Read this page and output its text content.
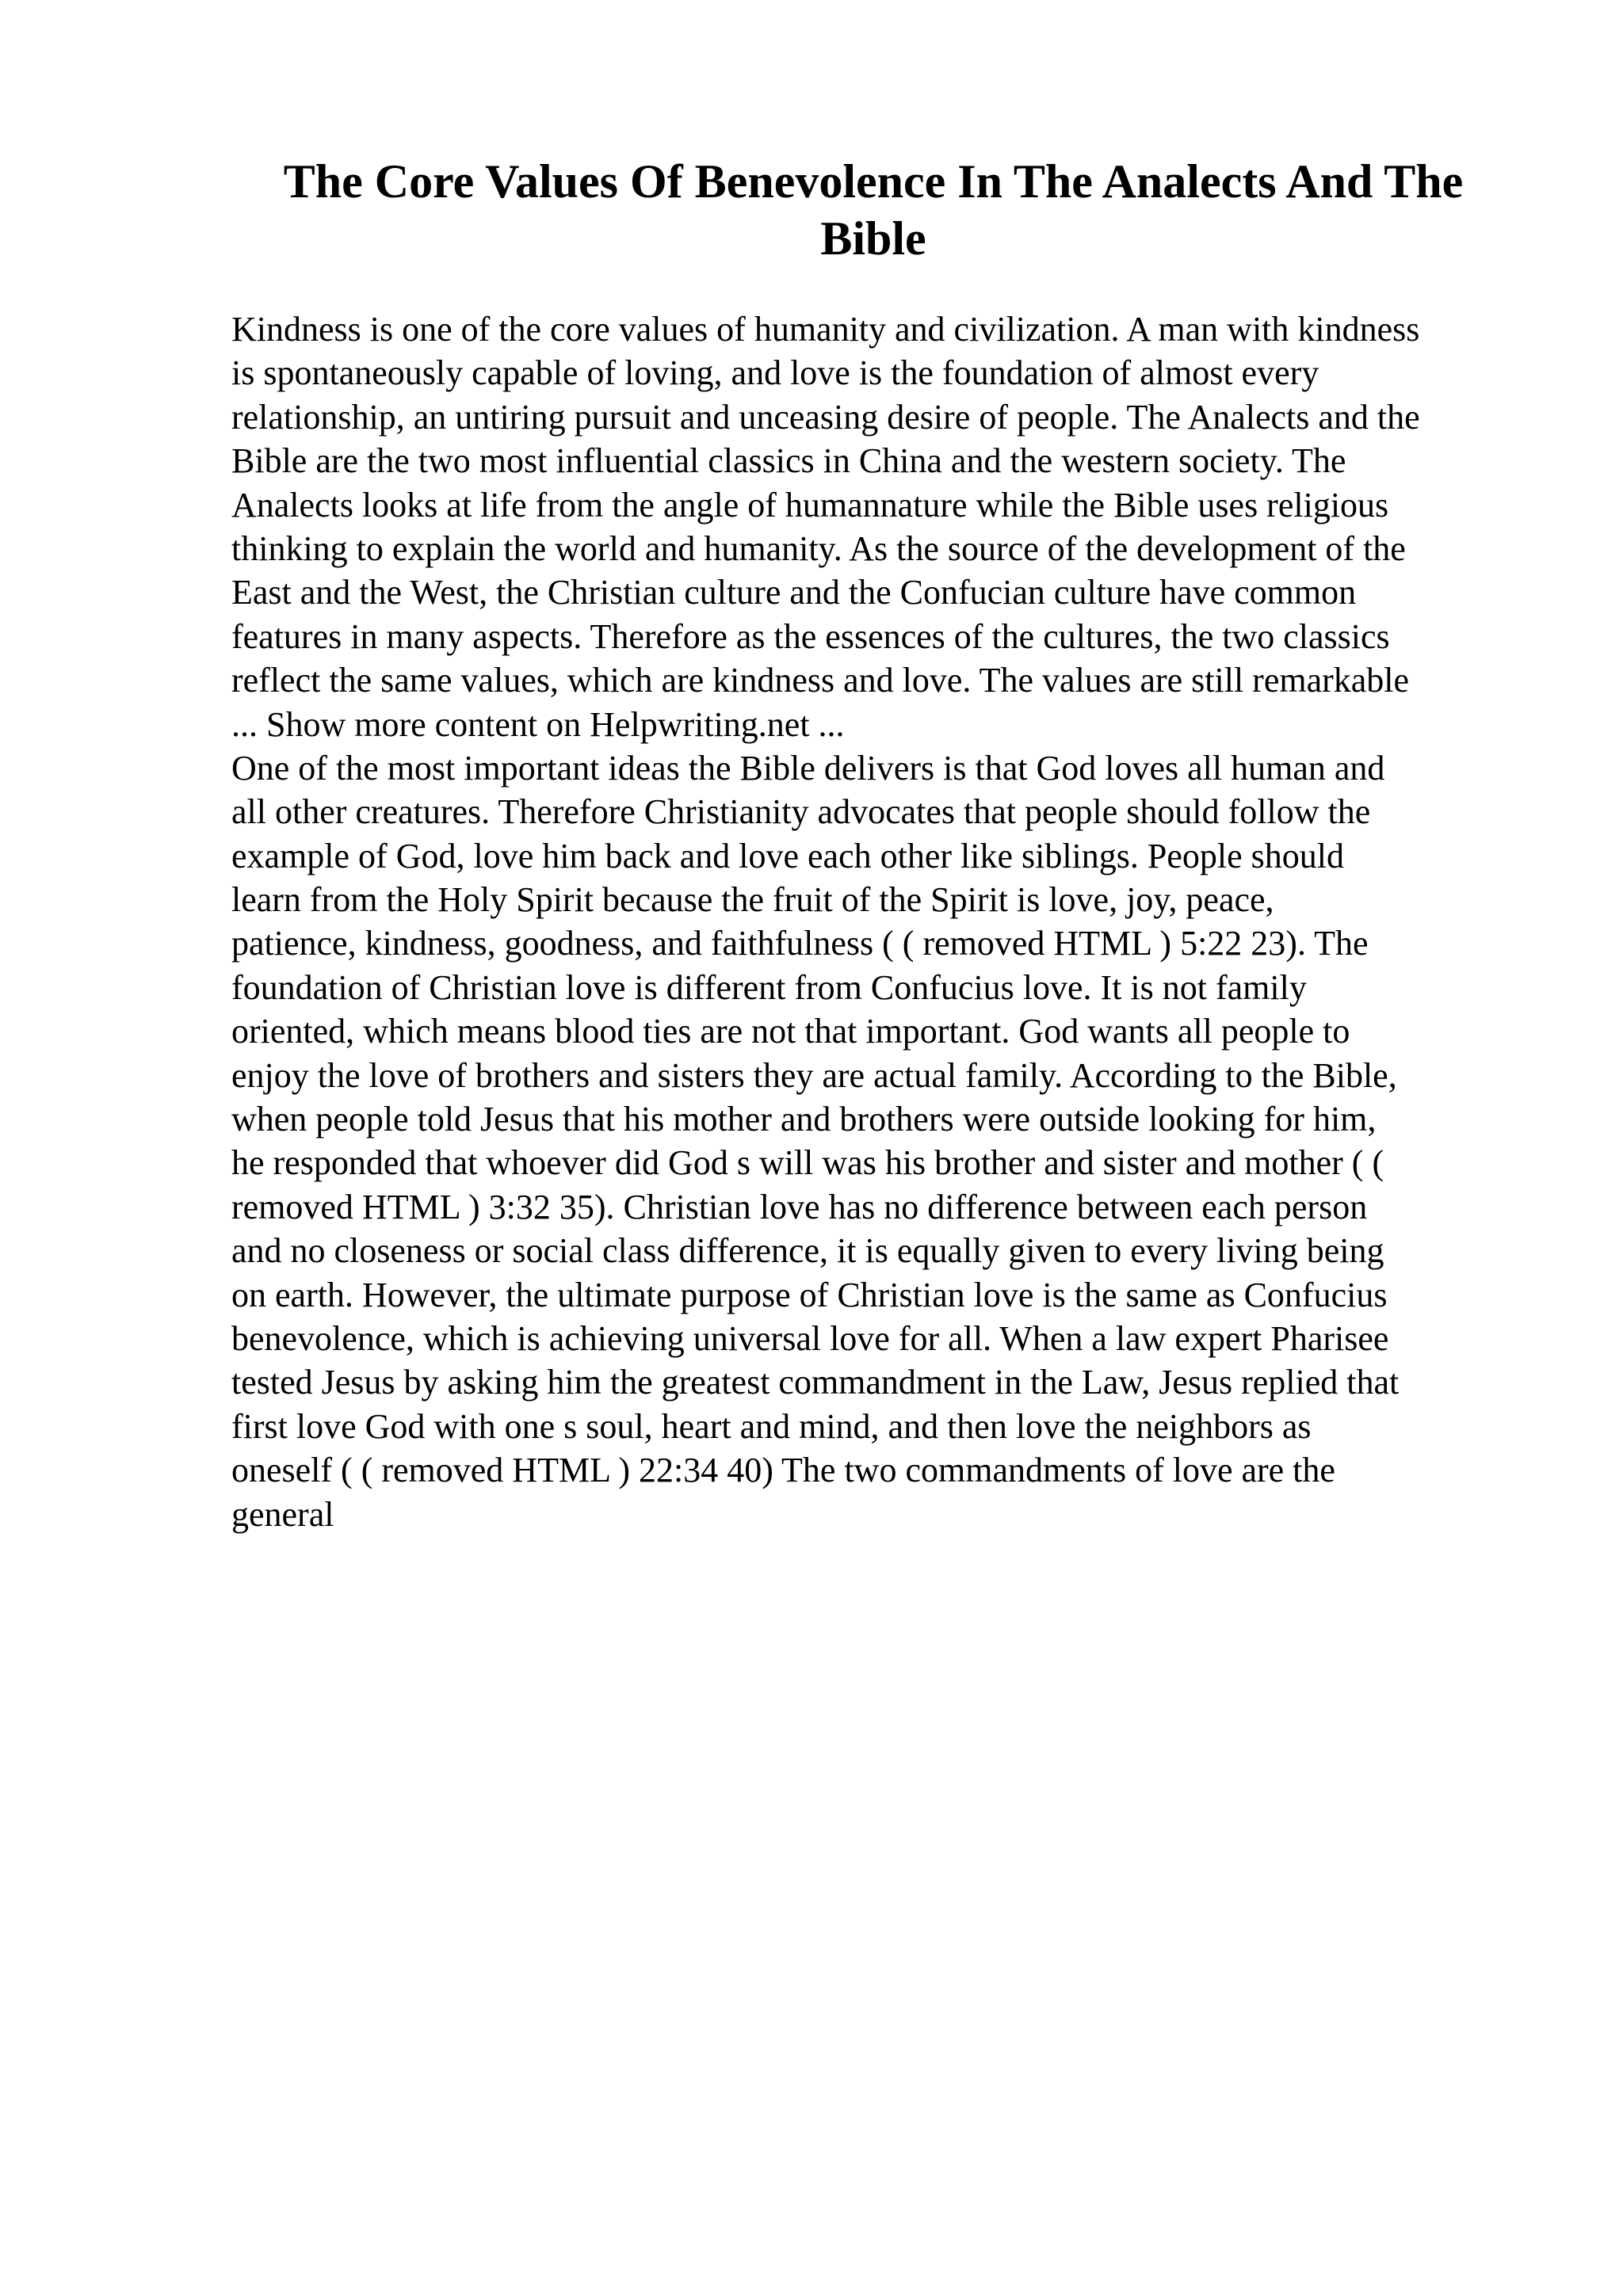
The Core Values Of Benevolence In The Analects And The Bible
Kindness is one of the core values of humanity and civilization. A man with kindness
is spontaneously capable of loving, and love is the foundation of almost every
relationship, an untiring pursuit and unceasing desire of people. The Analects and the
Bible are the two most influential classics in China and the western society. The
Analects looks at life from the angle of humannature while the Bible uses religious
thinking to explain the world and humanity. As the source of the development of the
East and the West, the Christian culture and the Confucian culture have common
features in many aspects. Therefore as the essences of the cultures, the two classics
reflect the same values, which are kindness and love. The values are still remarkable
... Show more content on Helpwriting.net ...
One of the most important ideas the Bible delivers is that God loves all human and
all other creatures. Therefore Christianity advocates that people should follow the
example of God, love him back and love each other like siblings. People should
learn from the Holy Spirit because the fruit of the Spirit is love, joy, peace,
patience, kindness, goodness, and faithfulness ( ( removed HTML ) 5:22 23). The
foundation of Christian love is different from Confucius love. It is not family
oriented, which means blood ties are not that important. God wants all people to
enjoy the love of brothers and sisters they are actual family. According to the Bible,
when people told Jesus that his mother and brothers were outside looking for him,
he responded that whoever did God s will was his brother and sister and mother ( (
removed HTML ) 3:32 35). Christian love has no difference between each person
and no closeness or social class difference, it is equally given to every living being
on earth. However, the ultimate purpose of Christian love is the same as Confucius
benevolence, which is achieving universal love for all. When a law expert Pharisee
tested Jesus by asking him the greatest commandment in the Law, Jesus replied that
first love God with one s soul, heart and mind, and then love the neighbors as
oneself ( ( removed HTML ) 22:34 40) The two commandments of love are the
general
